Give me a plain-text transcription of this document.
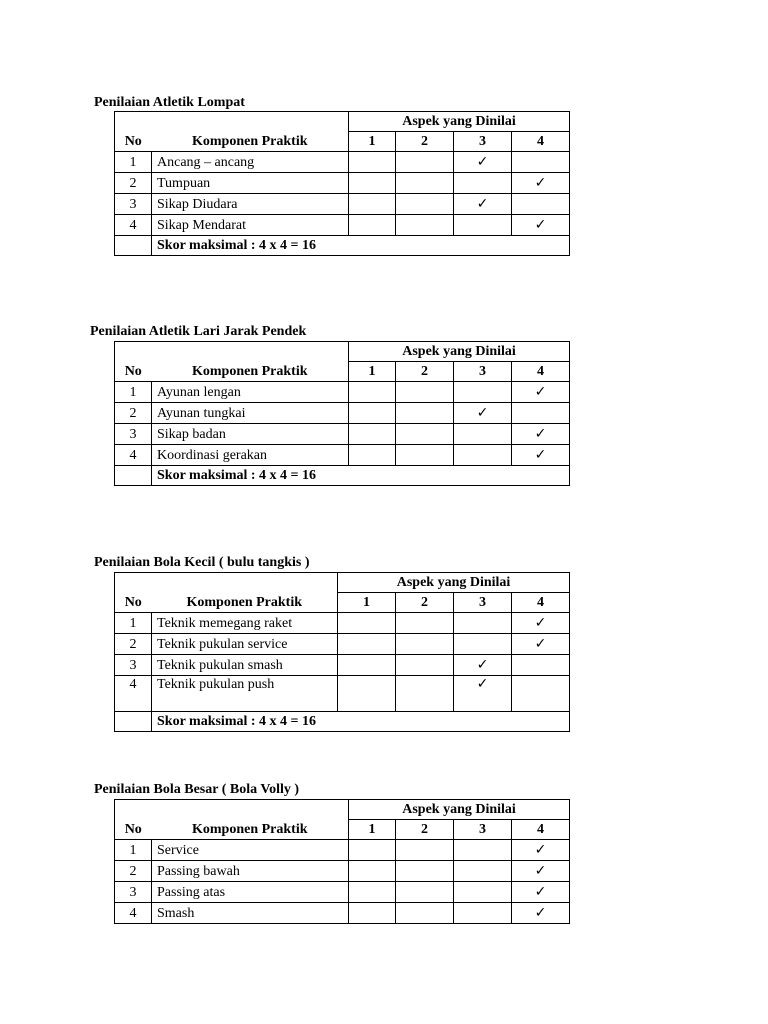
Penilaian Atletik Lompat
		Aspek yang Dinilai			
No	Komponen Praktik	1	2	3	4
1	Ancang – ancang			✓	
2	Tumpuan				✓
3	Sikap Diudara			✓	
4	Sikap Mendarat				✓
	Skor maksimal : 4 x 4 = 16				
Penilaian Atletik Lari Jarak Pendek
		Aspek yang Dinilai			
No	Komponen Praktik	1	2	3	4
1	Ayunan lengan				✓
2	Ayunan tungkai			✓	
3	Sikap badan				✓
4	Koordinasi gerakan				✓
	Skor maksimal : 4 x 4 = 16				
Penilaian Bola Kecil ( bulu tangkis )
		Aspek yang Dinilai			
No	Komponen Praktik	1	2	3	4
1	Teknik memegang raket				✓
2	Teknik pukulan service				✓
3	Teknik pukulan smash			✓	
4	Teknik pukulan push			✓	
	Skor maksimal : 4 x 4 = 16				
Penilaian Bola Besar ( Bola Volly )
		Aspek yang Dinilai			
No	Komponen Praktik	1	2	3	4
1	Service				✓
2	Passing bawah				✓
3	Passing atas				✓
4	Smash				✓
